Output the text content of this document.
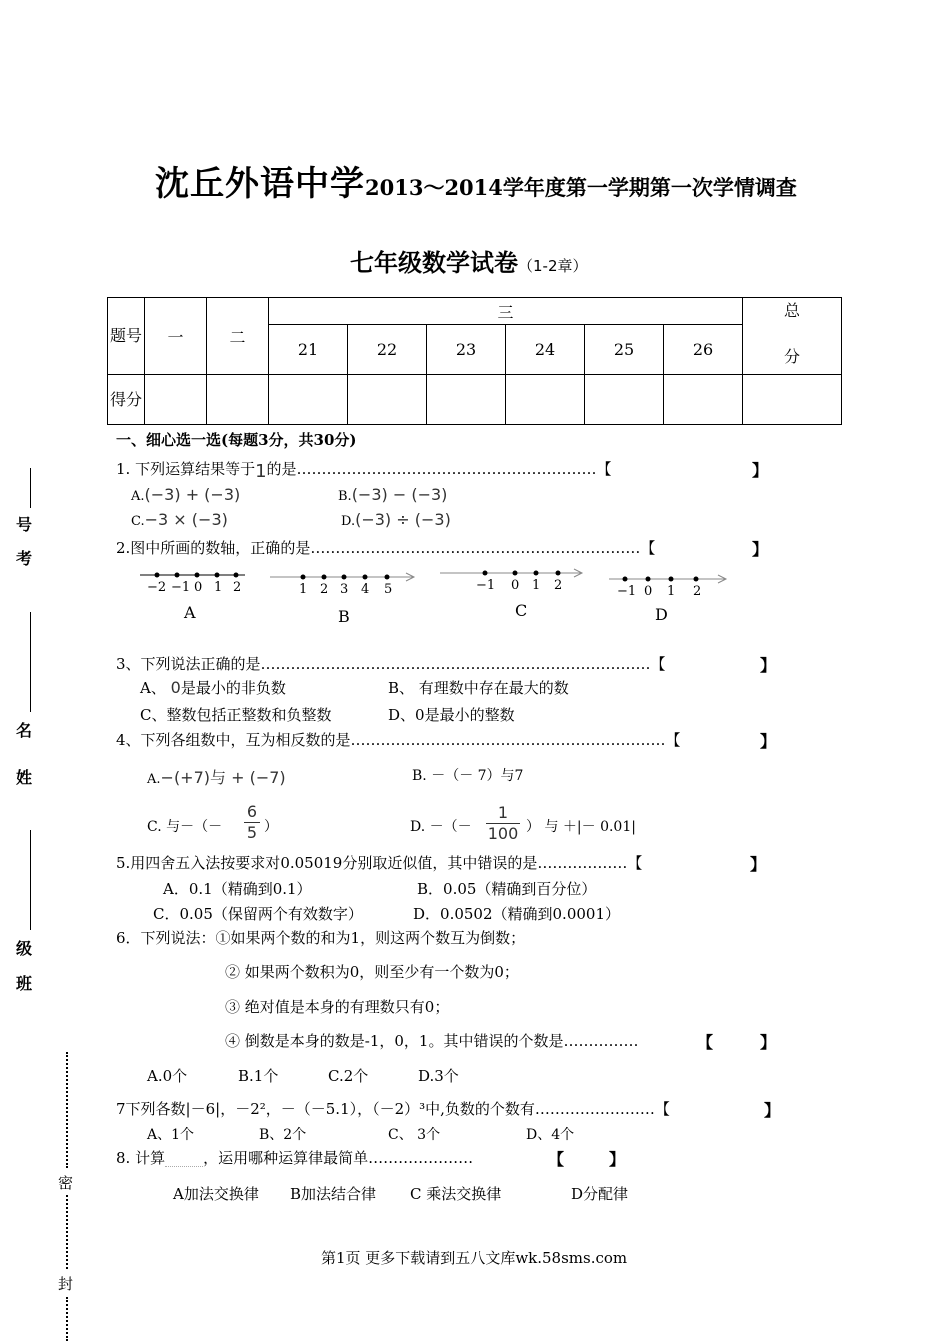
沈丘外语中学2013～2014学年度第一学期第一次学情调查
七年级数学试卷（1-2章）
题号	一	二	三						总
分

			21	22	23	24	25	26	
得分									
号
考
名
姓
级
班
密
封
一、细心选一选(每题3分，共30分)
1. 下列运算结果等于1的是……………………………………………………【	】
A.(−3) + (−3)	B.(−3) − (−3)
C.−3 × (−3)	D.(−3) ÷ (−3)
2.图中所画的数轴，正确的是…………………………………………………………【	】
−2 −1 0 1 2
A
1 2 3 4 5
B
−1 0 1 2
C
−1 0 1 2
D
3、下列说法正确的是……………………………………………………………………【	】
A、 0是最小的非负数	B、 有理数中存在最大的数
C、整数包括正整数和负整数	D、0是最小的整数
4、下列各组数中，互为相反数的是………………………………………………………【	】
A.−(+7)与 + (−7)	B. －（－ 7）与7
C. 与－（－ $\frac{6}{5}$ ）	D. －（－ $\frac{1}{100}$ ） 与 ＋|－ 0.01|
5.用四舍五入法按要求对0.05019分别取近似值，其中错误的是………………【	】
A．0.1（精确到0.1）	B．0.05（精确到百分位）
C．0.05（保留两个有效数字）	D．0.0502（精确到0.0001）
6．下列说法：①如果两个数的和为1，则这两个数互为倒数；
② 如果两个数积为0，则至少有一个数为0；
③ 绝对值是本身的有理数只有0；
④ 倒数是本身的数是-1，0，1。其中错误的个数是……………	【	】
A.0个	B.1个	C.2个	D.3个
7下列各数|－6|，－2²，－（－5.1），（－2）³中,负数的个数有……………………【	】
A、1个	B、2个	C、 3个	D、4个
8. 计算	，运用哪种运算律最简单…………………	【	】
A加法交换律 B加法结合律 C 乘法交换律	D分配律
第1页 更多下载请到五八文库wk.58sms.com
